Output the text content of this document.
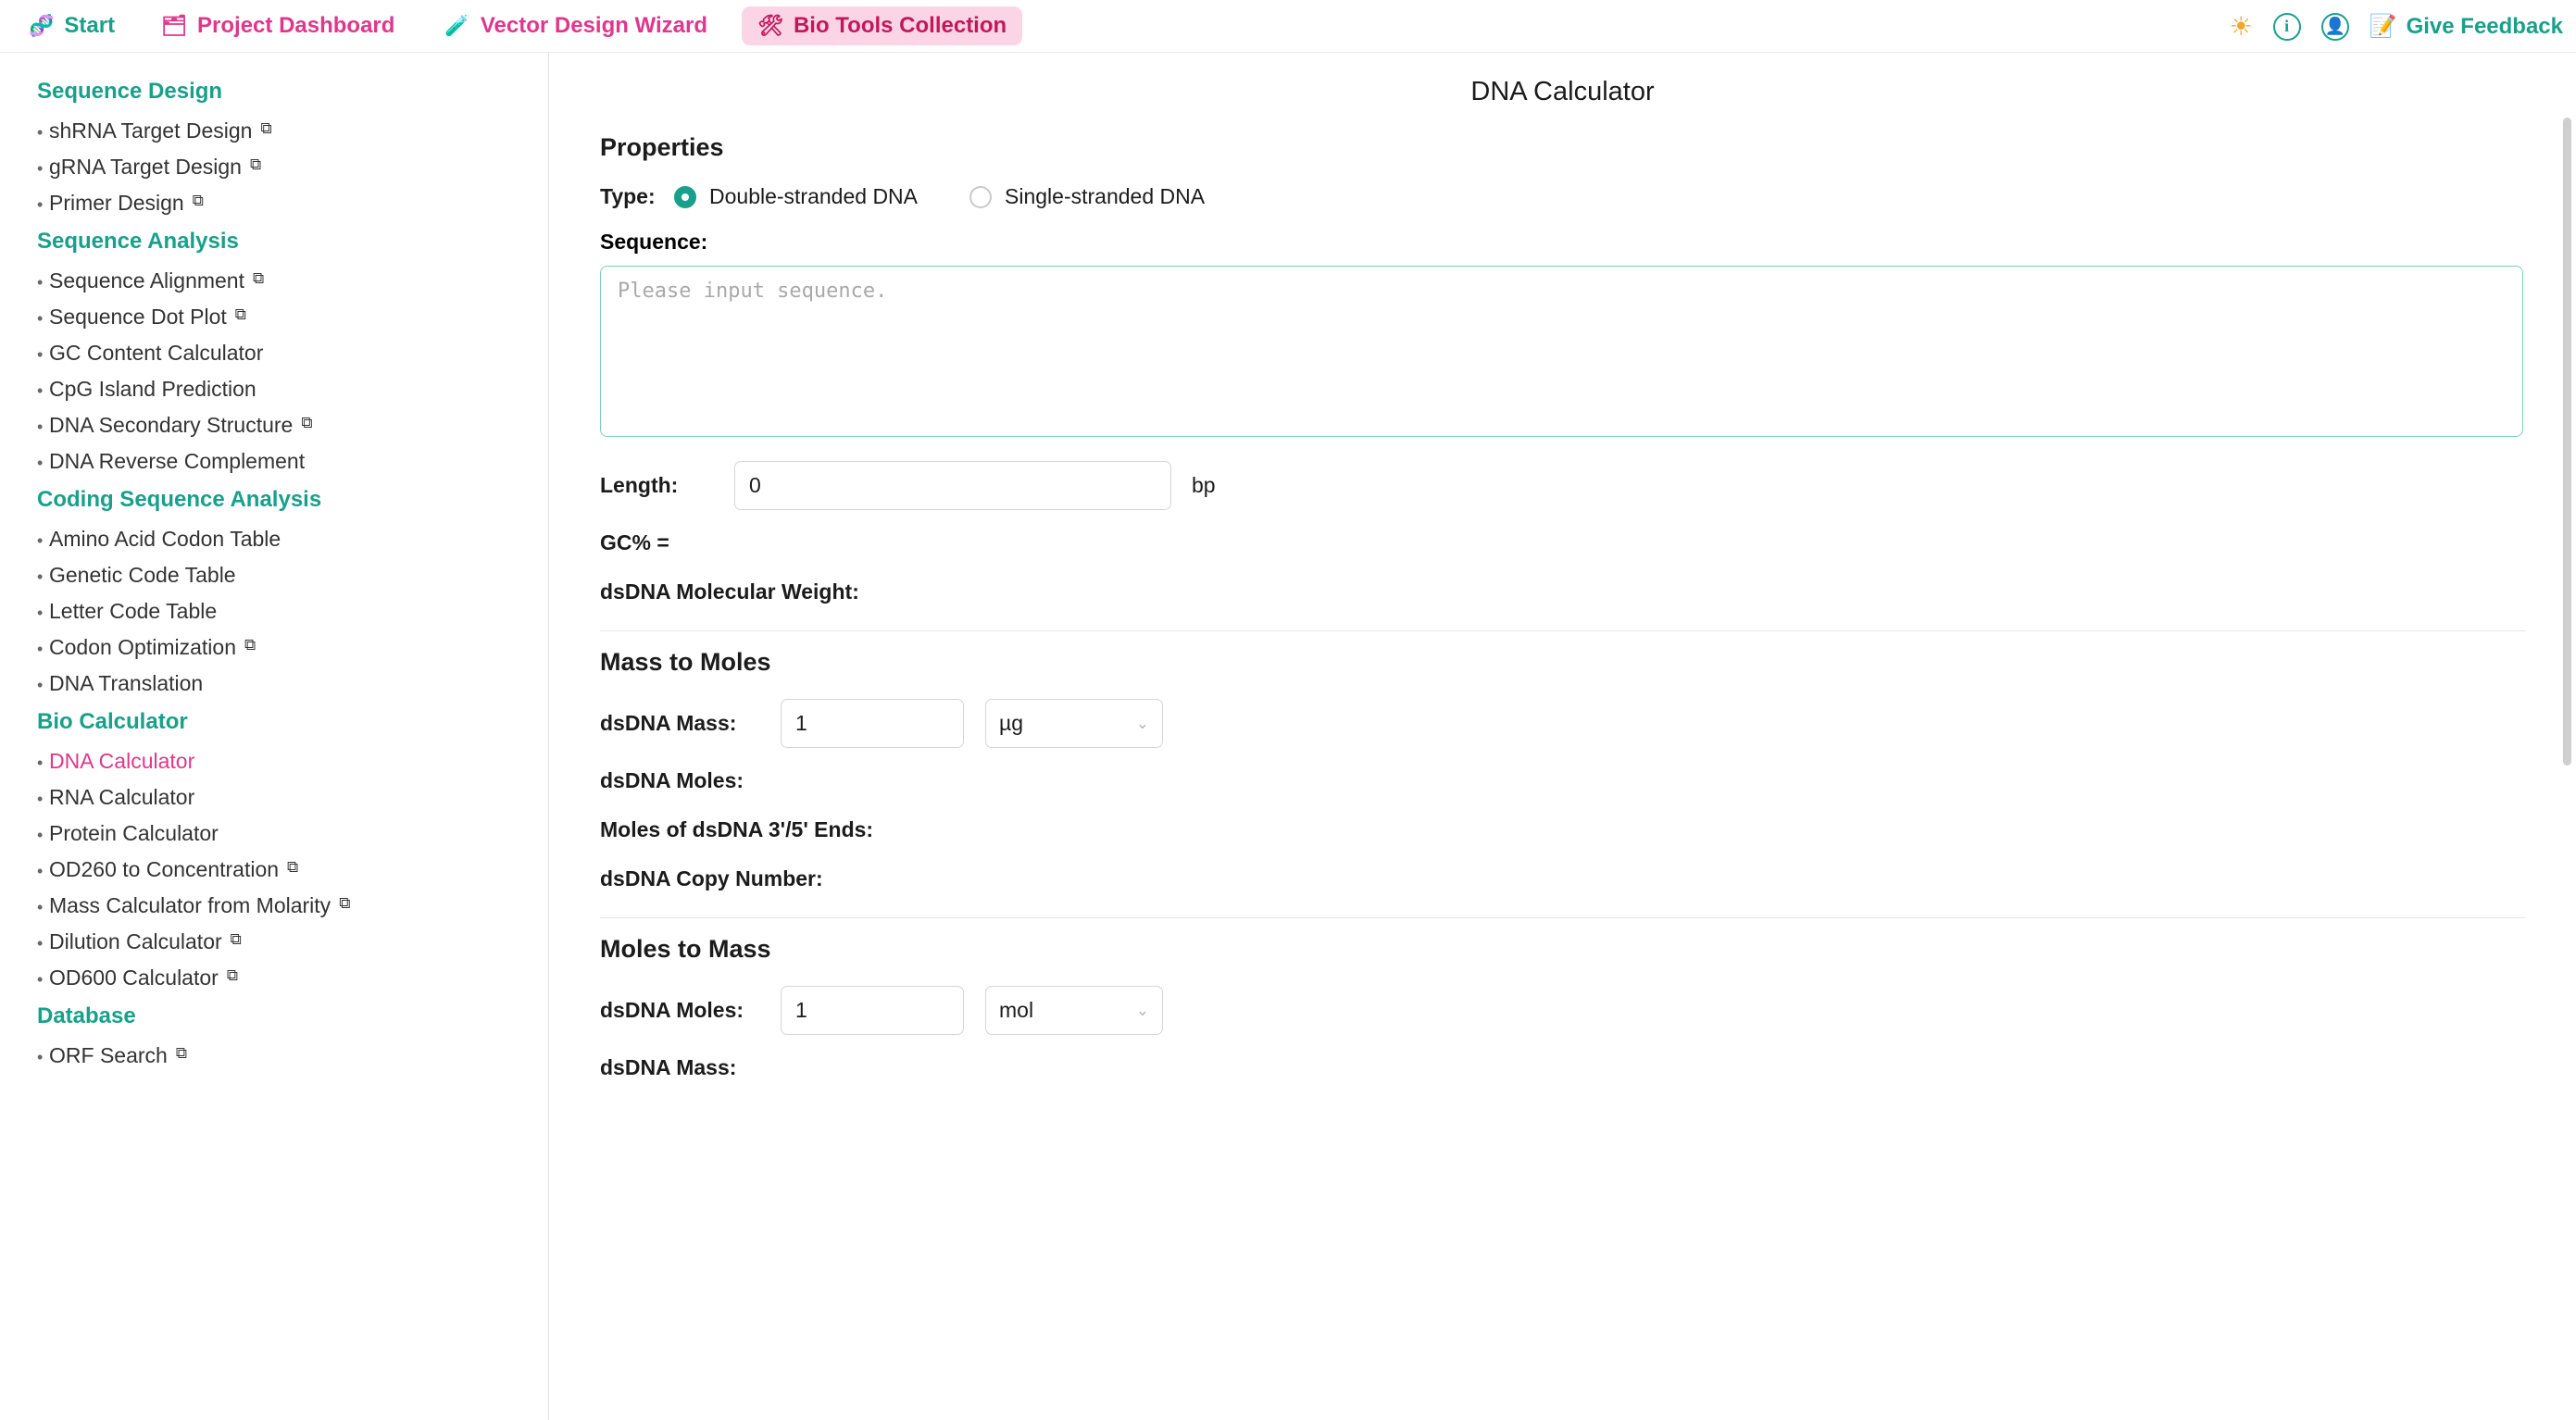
🧬 Start 🗂 Project Dashboard 🧪 Vector Design Wizard 🛠 Bio Tools Collection	☀	i	👤 📝 Give Feedback
Sequence Design
• shRNA Target Design ⧉
• gRNA Target Design ⧉
• Primer Design ⧉
Sequence Analysis
• Sequence Alignment ⧉
• Sequence Dot Plot ⧉
• GC Content Calculator
• CpG Island Prediction
• DNA Secondary Structure ⧉
• DNA Reverse Complement
Coding Sequence Analysis
• Amino Acid Codon Table
• Genetic Code Table
• Letter Code Table
• Codon Optimization ⧉
• DNA Translation
Bio Calculator
• DNA Calculator
• RNA Calculator
• Protein Calculator
• OD260 to Concentration ⧉
• Mass Calculator from Molarity ⧉
• Dilution Calculator ⧉
• OD600 Calculator ⧉
Database
• ORF Search ⧉
DNA Calculator
Properties
Type:	Double-stranded DNA	Single-stranded DNA
Sequence:
Please input sequence.
Length:	0	bp
GC% =
dsDNA Molecular Weight:
Mass to Moles
dsDNA Mass:	1	µg	⌄
dsDNA Moles:
Moles of dsDNA 3'/5' Ends:
dsDNA Copy Number:
Moles to Mass
dsDNA Moles:	1	mol	⌄
dsDNA Mass:
